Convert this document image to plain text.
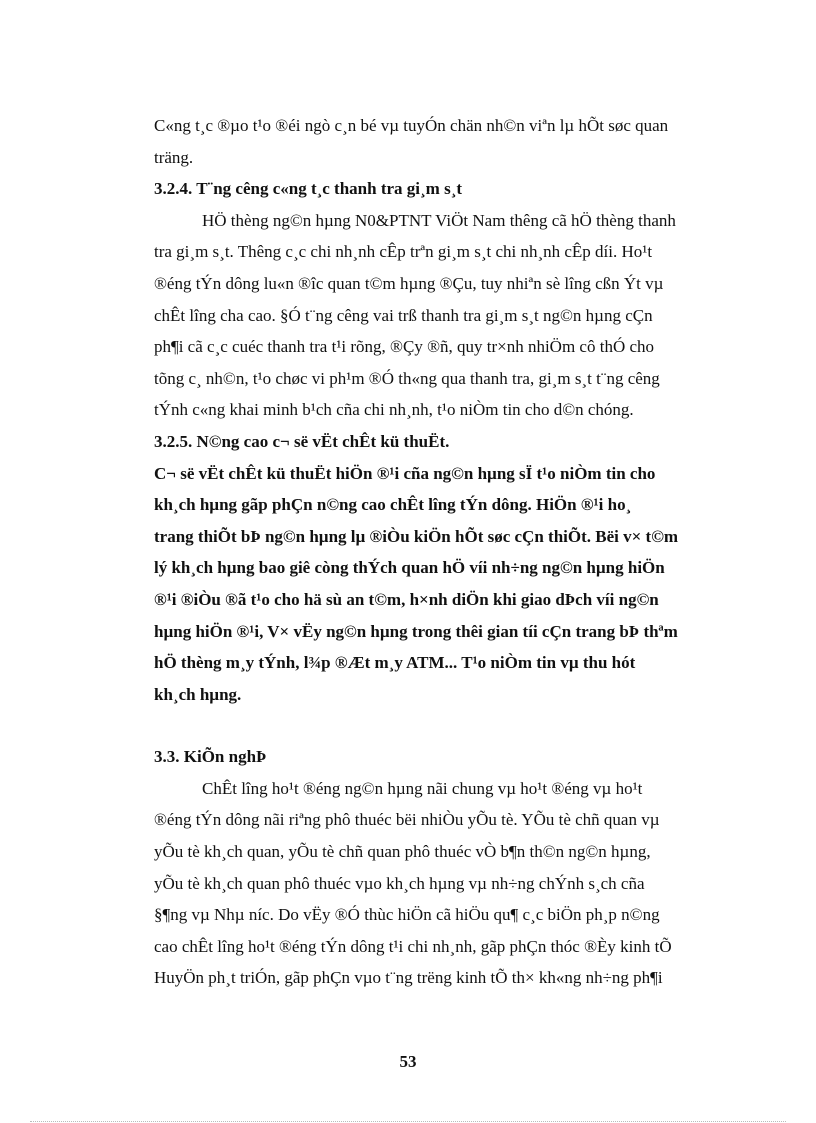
C«ng t¸c ®µo t¹o ®éi ngò c¸n bé vµ tuyÓn chän nh©n viªn lµ hÕt søc quan
träng.
3.2.4. T¨ng cêng c«ng t¸c thanh tra gi¸m s¸t
HÖ thèng ng©n hµng N0&PTNT ViÖt Nam thêng cã hÖ thèng thanh
tra gi¸m s¸t. Thêng c¸c chi nh¸nh cÊp trªn gi¸m s¸t chi nh¸nh cÊp díi. Ho¹t
®éng tÝn dông lu«n ®îc quan t©m hµng ®Çu, tuy nhiªn sè lîng cßn Ýt vµ
chÊt lîng cha cao. §Ó t¨ng cêng vai trß thanh tra gi¸m s¸t ng©n hµng cÇn
ph¶i cã c¸c cuéc thanh tra t¹i rõng, ®Çy ®ñ, quy tr×nh nhiÖm cô thÓ cho
tõng c¸ nh©n, t¹o chøc vi ph¹m ®Ó th«ng qua thanh tra, gi¸m s¸t t¨ng cêng
tÝnh c«ng khai minh b¹ch cña chi nh¸nh, t¹o niÒm tin cho d©n chóng.
3.2.5. N©ng cao c¬ së vËt chÊt kü thuËt.
C¬ së vËt chÊt kü thuËt hiÖn ®¹i cña ng©n hµng sÏ t¹o niÒm tin cho
kh¸ch hµng gãp phÇn n©ng cao chÊt lîng tÝn dông. HiÖn ®¹i ho¸
trang thiÕt bÞ ng©n hµng lµ ®iÒu kiÖn hÕt søc cÇn thiÕt. Bëi v× t©m
lý kh¸ch hµng bao giê còng thÝch quan hÖ víi nh÷ng ng©n hµng hiÖn
®¹i ®iÒu ®ã t¹o cho hä sù an t©m, h×nh diÖn khi giao dÞch víi ng©n
hµng hiÖn ®¹i, V× vËy ng©n hµng trong thêi gian tíi cÇn trang bÞ thªm
hÖ thèng m¸y tÝnh, l¾p ®Æt m¸y ATM... T¹o niÒm tin vµ thu hót
kh¸ch hµng.
3.3. KiÕn nghÞ
ChÊt lîng ho¹t ®éng ng©n hµng nãi chung vµ ho¹t ®éng vµ ho¹t
®éng tÝn dông nãi riªng phô thuéc bëi nhiÒu yÕu tè. YÕu tè chñ quan vµ
yÕu tè kh¸ch quan, yÕu tè chñ quan phô thuéc vÒ b¶n th©n ng©n hµng,
yÕu tè kh¸ch quan phô thuéc vµo kh¸ch hµng vµ nh÷ng chÝnh s¸ch cña
§¶ng vµ Nhµ níc. Do vËy ®Ó thùc hiÖn cã hiÖu qu¶ c¸c biÖn ph¸p n©ng
cao chÊt lîng ho¹t ®éng tÝn dông t¹i chi nh¸nh, gãp phÇn thóc ®Èy kinh tÕ
HuyÖn ph¸t triÓn, gãp phÇn vµo t¨ng trëng kinh tÕ th× kh«ng nh÷ng ph¶i
53
